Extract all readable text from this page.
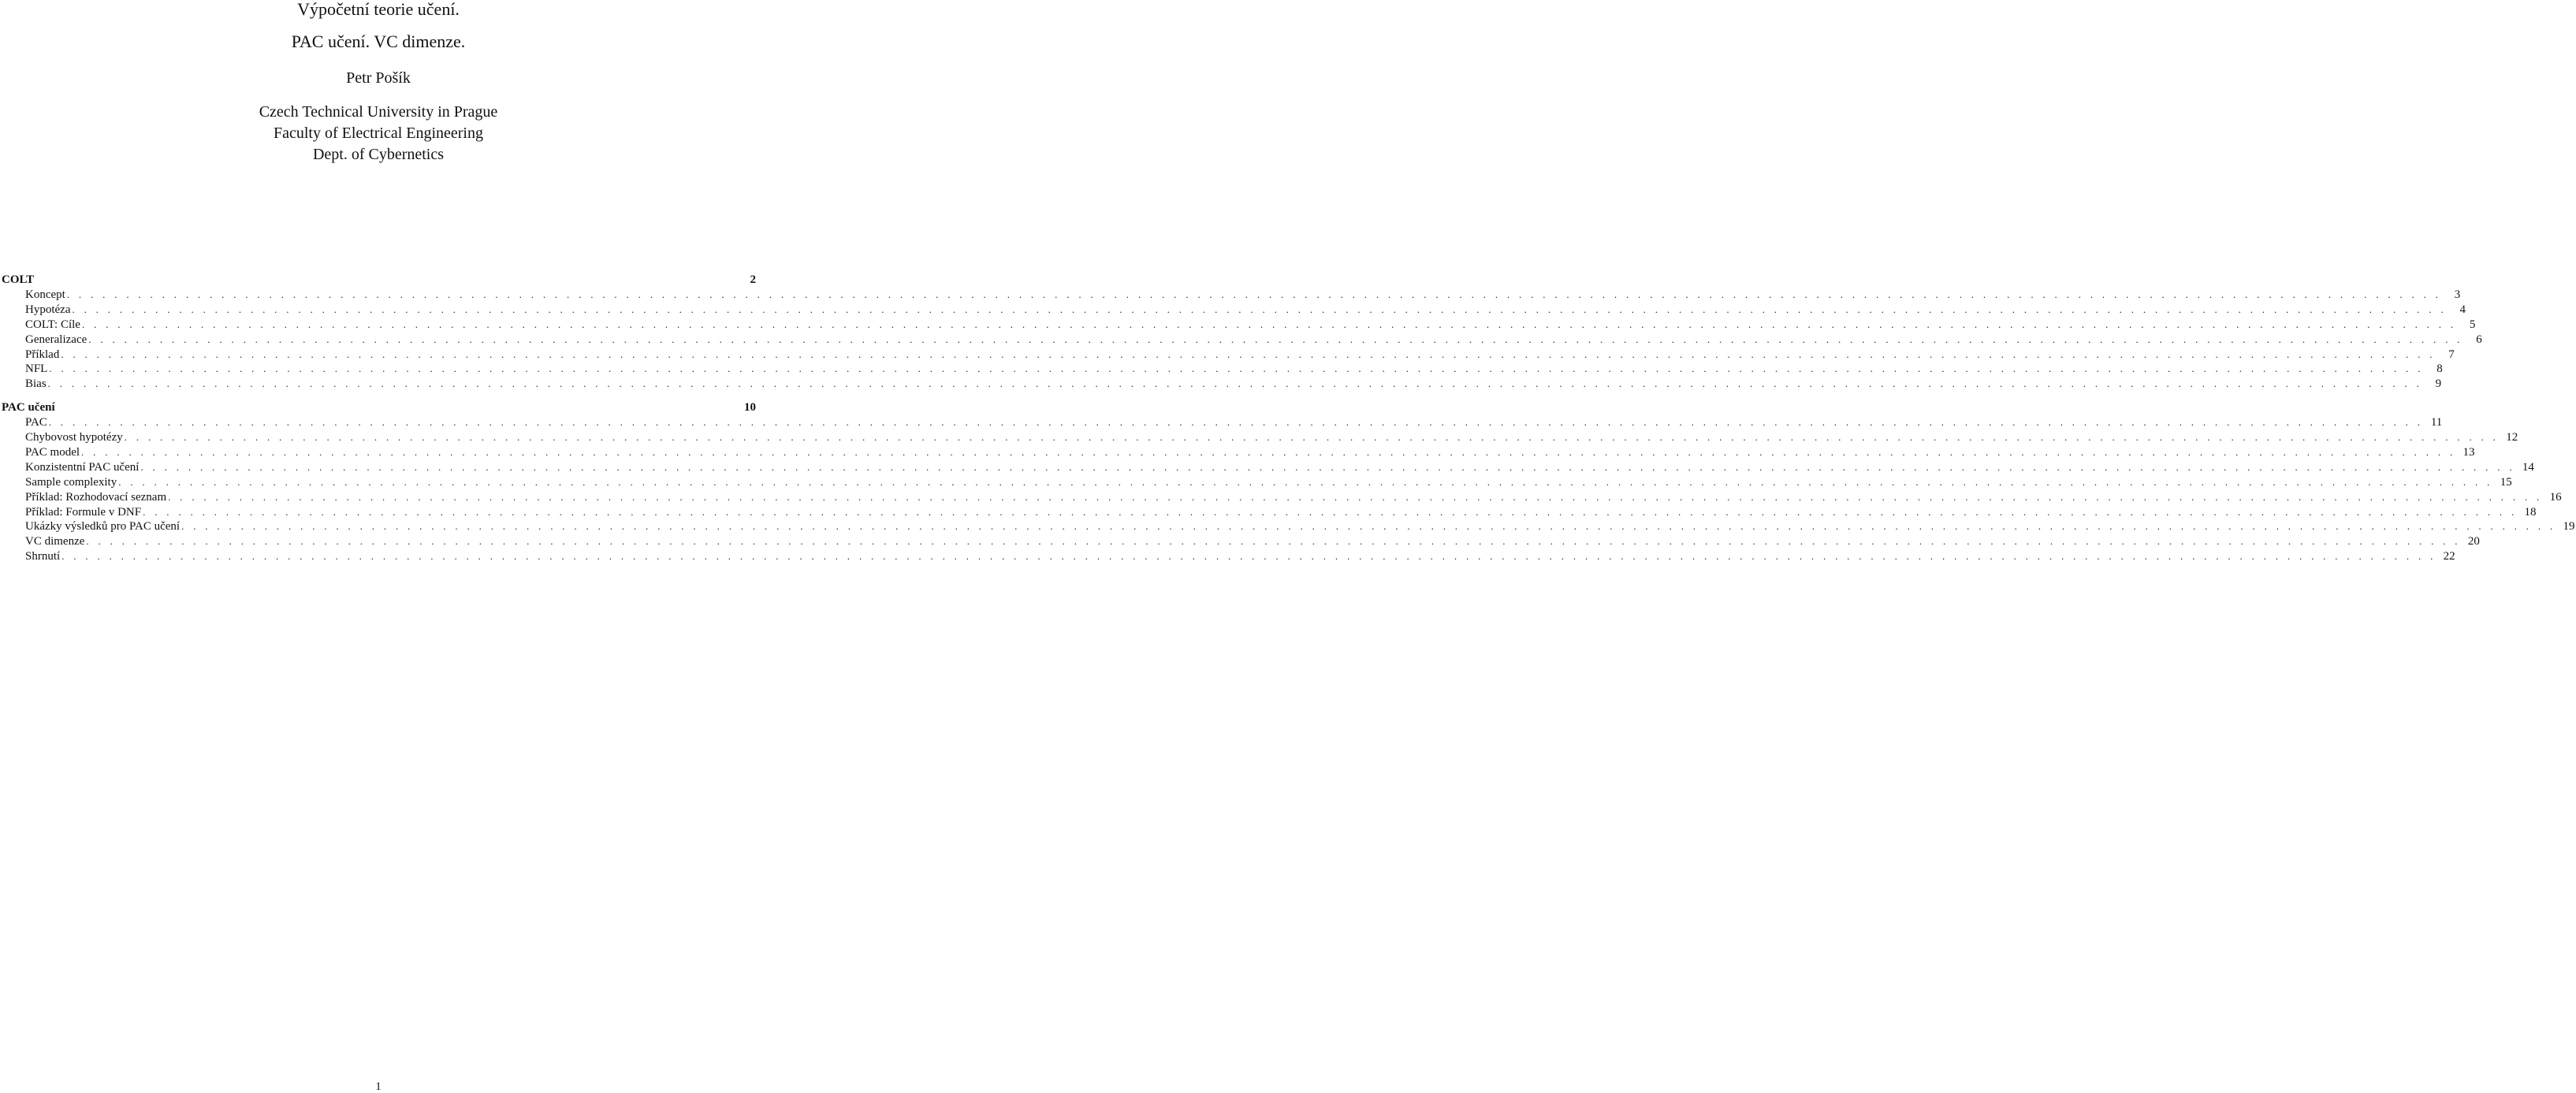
Výpočetní teorie učení.
PAC učení. VC dimenze.
Petr Pošík
Czech Technical University in Prague
Faculty of Electrical Engineering
Dept. of Cybernetics
COLT	2
Koncept . . . . . . . . . . . . . . . . . . . . . . . . . . . . . . . . . . . . . . . . . . . . . . . . . . . . . . . . . . . . . . . . . . . . . . . . . . . . . . . . . . . . . . . . . . . . . . . . . . . . . . . . . . . . . . . . . . . . . . . . . . . . . . . . . . . . . . . . . . . . . . . . . . . . . . . . . . . . . . . . . . . . . . . . . . . . . . . . . . . . . . . . . . . . . . . . . . . . . . . .	3
Hypotéza . . . . . . . . . . . . . . . . . . . . . . . . . . . . . . . . . . . . . . . . . . . . . . . . . . . . . . . . . . . . . . . . . . . . . . . . . . . . . . . . . . . . . . . . . . . . . . . . . . . . . . . . . . . . . . . . . . . . . . . . . . . . . . . . . . . . . . . . . . . . . . . . . . . . . . . . . . . . . . . . . . . . . . . . . . . . . . . . . . . . . . . . . . . . . . . . . . . . . . . .	4
COLT: Cíle . . . . . . . . . . . . . . . . . . . . . . . . . . . . . . . . . . . . . . . . . . . . . . . . . . . . . . . . . . . . . . . . . . . . . . . . . . . . . . . . . . . . . . . . . . . . . . . . . . . . . . . . . . . . . . . . . . . . . . . . . . . . . . . . . . . . . . . . . . . . . . . . . . . . . . . . . . . . . . . . . . . . . . . . . . . . . . . . . . . . . . . . . . . . . . . . . . . . . . . .	5
Generalizace . . . . . . . . . . . . . . . . . . . . . . . . . . . . . . . . . . . . . . . . . . . . . . . . . . . . . . . . . . . . . . . . . . . . . . . . . . . . . . . . . . . . . . . . . . . . . . . . . . . . . . . . . . . . . . . . . . . . . . . . . . . . . . . . . . . . . . . . . . . . . . . . . . . . . . . . . . . . . . . . . . . . . . . . . . . . . . . . . . . . . . . . . . . . . . . . . . . . . . . .	6
Příklad . . . . . . . . . . . . . . . . . . . . . . . . . . . . . . . . . . . . . . . . . . . . . . . . . . . . . . . . . . . . . . . . . . . . . . . . . . . . . . . . . . . . . . . . . . . . . . . . . . . . . . . . . . . . . . . . . . . . . . . . . . . . . . . . . . . . . . . . . . . . . . . . . . . . . . . . . . . . . . . . . . . . . . . . . . . . . . . . . . . . . . . . . . . . . . . . . . . . . . . .	7
NFL . . . . . . . . . . . . . . . . . . . . . . . . . . . . . . . . . . . . . . . . . . . . . . . . . . . . . . . . . . . . . . . . . . . . . . . . . . . . . . . . . . . . . . . . . . . . . . . . . . . . . . . . . . . . . . . . . . . . . . . . . . . . . . . . . . . . . . . . . . . . . . . . . . . . . . . . . . . . . . . . . . . . . . . . . . . . . . . . . . . . . . . . . . . . . . . . . . . . . . . .	8
Bias . . . . . . . . . . . . . . . . . . . . . . . . . . . . . . . . . . . . . . . . . . . . . . . . . . . . . . . . . . . . . . . . . . . . . . . . . . . . . . . . . . . . . . . . . . . . . . . . . . . . . . . . . . . . . . . . . . . . . . . . . . . . . . . . . . . . . . . . . . . . . . . . . . . . . . . . . . . . . . . . . . . . . . . . . . . . . . . . . . . . . . . . . . . . . . . . . . . . . . . .	9
PAC učení	10
PAC . . . . . . . . . . . . . . . . . . . . . . . . . . . . . . . . . . . . . . . . . . . . . . . . . . . . . . . . . . . . . . . . . . . . . . . . . . . . . . . . . . . . . . . . . . . . . . . . . . . . . . . . . . . . . . . . . . . . . . . . . . . . . . . . . . . . . . . . . . . . . . . . . . . . . . . . . . . . . . . . . . . . . . . . . . . . . . . . . . . . . . . . . . . . . . . . . . . . . . . . 11
Chybovost hypotézy . . . . . . . . . . . . . . . . . . . . . . . . . . . . . . . . . . . . . . . . . . . . . . . . . . . . . . . . . . . . . . . . . . . . . . . . . . . . . . . . . . . . . . . . . . . . . . . . . . . . . . . . . . . . . . . . . . . . . . . . . . . . . . . . . . . . . . . . . . . . . . . . . . . . . . . . . . . . . . . . . . . . . . . . . . . . . . . . . . . . . . . . . . . . . . . . . . . . . . . . 12
PAC model . . . . . . . . . . . . . . . . . . . . . . . . . . . . . . . . . . . . . . . . . . . . . . . . . . . . . . . . . . . . . . . . . . . . . . . . . . . . . . . . . . . . . . . . . . . . . . . . . . . . . . . . . . . . . . . . . . . . . . . . . . . . . . . . . . . . . . . . . . . . . . . . . . . . . . . . . . . . . . . . . . . . . . . . . . . . . . . . . . . . . . . . . . . . . . . . . . . . . . . . 13
Konzistentní PAC učení . . . . . . . . . . . . . . . . . . . . . . . . . . . . . . . . . . . . . . . . . . . . . . . . . . . . . . . . . . . . . . . . . . . . . . . . . . . . . . . . . . . . . . . . . . . . . . . . . . . . . . . . . . . . . . . . . . . . . . . . . . . . . . . . . . . . . . . . . . . . . . . . . . . . . . . . . . . . . . . . . . . . . . . . . . . . . . . . . . . . . . . . . . . . . . . . . . . . . . . . 14
Sample complexity . . . . . . . . . . . . . . . . . . . . . . . . . . . . . . . . . . . . . . . . . . . . . . . . . . . . . . . . . . . . . . . . . . . . . . . . . . . . . . . . . . . . . . . . . . . . . . . . . . . . . . . . . . . . . . . . . . . . . . . . . . . . . . . . . . . . . . . . . . . . . . . . . . . . . . . . . . . . . . . . . . . . . . . . . . . . . . . . . . . . . . . . . . . . . . . . . . . . . . . . 15
Příklad: Rozhodovací seznam . . . . . . . . . . . . . . . . . . . . . . . . . . . . . . . . . . . . . . . . . . . . . . . . . . . . . . . . . . . . . . . . . . . . . . . . . . . . . . . . . . . . . . . . . . . . . . . . . . . . . . . . . . . . . . . . . . . . . . . . . . . . . . . . . . . . . . . . . . . . . . . . . . . . . . . . . . . . . . . . . . . . . . . . . . . . . . . . . . . . . . . . . . . . . . . . . . . . . . . . 16
Příklad: Formule v DNF . . . . . . . . . . . . . . . . . . . . . . . . . . . . . . . . . . . . . . . . . . . . . . . . . . . . . . . . . . . . . . . . . . . . . . . . . . . . . . . . . . . . . . . . . . . . . . . . . . . . . . . . . . . . . . . . . . . . . . . . . . . . . . . . . . . . . . . . . . . . . . . . . . . . . . . . . . . . . . . . . . . . . . . . . . . . . . . . . . . . . . . . . . . . . . . . . . . . . . . . 18
Ukázky výsledků pro PAC učení . . . . . . . . . . . . . . . . . . . . . . . . . . . . . . . . . . . . . . . . . . . . . . . . . . . . . . . . . . . . . . . . . . . . . . . . . . . . . . . . . . . . . . . . . . . . . . . . . . . . . . . . . . . . . . . . . . . . . . . . . . . . . . . . . . . . . . . . . . . . . . . . . . . . . . . . . . . . . . . . . . . . . . . . . . . . . . . . . . . . . . . . . . . . . . . . . . . . . . . . 19
VC dimenze . . . . . . . . . . . . . . . . . . . . . . . . . . . . . . . . . . . . . . . . . . . . . . . . . . . . . . . . . . . . . . . . . . . . . . . . . . . . . . . . . . . . . . . . . . . . . . . . . . . . . . . . . . . . . . . . . . . . . . . . . . . . . . . . . . . . . . . . . . . . . . . . . . . . . . . . . . . . . . . . . . . . . . . . . . . . . . . . . . . . . . . . . . . . . . . . . . . . . . . . 20
Shrnutí . . . . . . . . . . . . . . . . . . . . . . . . . . . . . . . . . . . . . . . . . . . . . . . . . . . . . . . . . . . . . . . . . . . . . . . . . . . . . . . . . . . . . . . . . . . . . . . . . . . . . . . . . . . . . . . . . . . . . . . . . . . . . . . . . . . . . . . . . . . . . . . . . . . . . . . . . . . . . . . . . . . . . . . . . . . . . . . . . . . . . . . . . . . . . . . . . . . . . . . . 22
1
